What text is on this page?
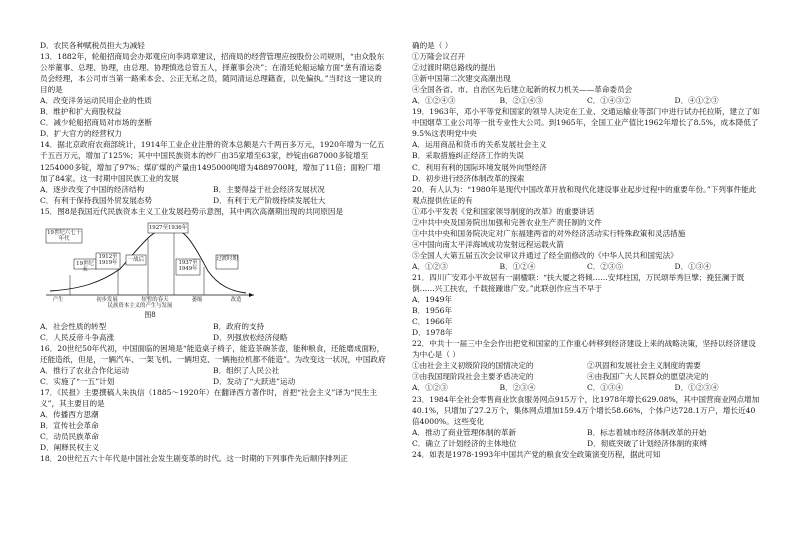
D．农民各种赋税员担大为减轻
13．1882年，轮船招商局会办郑观应向李鸿章建议，招商局的经营管理应按股份公司规则，“由众股东公举董事、总理、协理，由总理、协理慎选总管五人，择董事会决”；在清廷轮船运输方面“垄有清运委员会经理，本公司市当第一路乘本会、公正无私之员，随同清运总理籍查，以免偏执。”当时这一建议的目的是
A．改变洋务运动民用企业的性质
B．维护和扩大商股权益
C．减少轮船招商局对市场的垄断
D．扩大官方的经营权力
14．据北京政府农商部统计，1914年工业企业注册的资本总额是六千两百多万元，1920年增为一亿五千五百万元，增加了125%；其中中国民族资本的纱厂由35家增至63家，纱锭由687000多锭增至1254000多锭，增加了97%；煤矿煤的产量由1495000吨增为4889700吨，增加了11倍；面粉厂增加了84家。这一时期中国民族工业的发展
A．逐步改变了中国的经济结构	B．主要得益于社会经济发展状况
C．有利于保持我国外贸发展态势	D．有利于无产阶级持续发展壮大
15．图8是我国近代民族资本主义工业发展趋势示意图，其中两次高潮期出现的共同原因是
19世纪六七十年代
1927至1936年
19世纪末
1912至1919年	一战后	1937至1949年
过渡时期
产生	初步发展	短暂的春天	萎缩	改造
民族资本主义的产生与发展
图8
A．社会性质的转型	B．政府的支持
C．人民反帝斗争高涨	D．列强放松经济侵略
16．20世纪50年代初，中国面临的困境是“能造桌子椅子，能造茶碗茶壶，能种粮食，还能磨成面粉，还能造纸，但是，一辆汽车、一架飞机、一辆坦克、一辆拖拉机都不能造”。为改变这一状况，中国政府
A．推行了农业合作化运动	B．组织了人民公社
C．实施了“一五”计划	D．发动了“大跃进”运动
17．《民报》主要撰稿人朱执信（1885～1920年）在翻译西方著作时，首把“社会主义”译为“民生主义”，其主要目的是
A．传播西方思潮
B．宣传社会革命
C．动员民族革命
D．阐释民权主义
18．20世纪五六十年代是中国社会发生剧变革的时代。这一时期的下列事件先后顺序排列正
确的是（ ）
①万隆会议召开
②过渡时期总路线的提出
③新中国第二次建交高潮出现
④全国各省、市、自治区先后建立起新的权力机关——革命委员会
A．①②④③	B．②①④③	C．①④③②	D．④①②③
19．1963年，邓小平等党和国家的领导人决定在工业、交通运输业等部门中进行试办托拉斯，建立了如中国烟草工业公司等一批专业性大公司。到1965年，全国工业产值比1962年增长了8.5%，成本降低了9.5%这表明党中央
A．运用商品和货币的关系发展社会主义
B．采取措施纠正经济工作的失误
C．利用有利的国际环境发展外向型经济
D．初步进行经济体制改革的探索
20．有人认为：“1980年是现代中国改革开放和现代化建设事业起步过程中的重要年份。”下列事件能此观点提供佐证的有
①邓小平发表《党和国家领导制度的改革》的重要讲话
②中共中央及国务院出加强和完善农业生产责任制的文件
③中共中央和国务院决定对广东福建两省的对外经济活动实行特殊政策和灵活措施
④中国向南太平洋海域成功发射远程运载火箭
⑤全国人大第五届五次会议审议并通过了经全面修改的《中华人民共和国宪法》
A．①②③	B．①②④	C．②③⑤	D．①③④
21．四川广安邓小平故居有一副楹联：“扶大厦之将倾……安邦柱国，万民颂举秀巨擘；挽狂澜于既倒……兴工扶农，千载接踵谁广安。”此联创作应当不早于
A．1949年
B．1956年
C．1966年
D．1978年
22．中共十一届三中全会作出把党和国家的工作重心转移到经济建设上来的战略决策，坚持以经济建设为中心是（ ）
①由社会主义初级阶段的国情决定的	②巩固和发展社会主义制度的需要
③由我国现阶段社会主要矛盾决定的	④由我国广大人民群众的愿望决定的
A．①②③	B．②③④	C．①③④	D．①②③④
23．1984年全社会零售商业饮食服务网点915万个，比1978年增长629.08%，其中国营商业网点增加40.1%，只增加了27.2万个，集体网点增加159.4万个增长58.66%，个体户达728.1万户，增长近40倍4000%。这些变化
A．推动了商业管理体制的革新	B．标志着城市经济体制改革的开始
C．确立了计划经济的主体地位	D．彻底突破了计划经济体制的束缚
24．如表是1978-1993年中国共产党的粮食安全政策演变历程，据此可知
